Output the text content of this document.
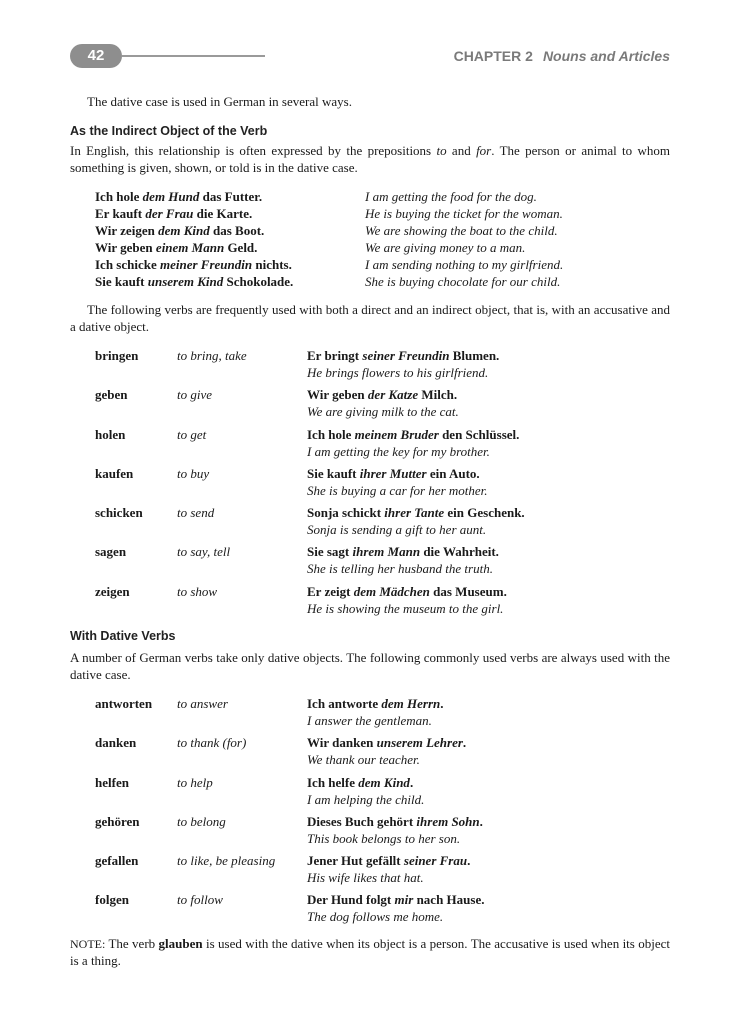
42	CHAPTER 2 Nouns and Articles
The dative case is used in German in several ways.
As the Indirect Object of the Verb
In English, this relationship is often expressed by the prepositions to and for. The person or animal to whom something is given, shown, or told is in the dative case.
Ich hole dem Hund das Futter.	I am getting the food for the dog.
Er kauft der Frau die Karte.	He is buying the ticket for the woman.
Wir zeigen dem Kind das Boot.	We are showing the boat to the child.
Wir geben einem Mann Geld.	We are giving money to a man.
Ich schicke meiner Freundin nichts.	I am sending nothing to my girlfriend.
Sie kauft unserem Kind Schokolade.	She is buying chocolate for our child.
The following verbs are frequently used with both a direct and an indirect object, that is, with an accusative and a dative object.
bringen	to bring, take	Er bringt seiner Freundin Blumen.
He brings flowers to his girlfriend.
geben	to give	Wir geben der Katze Milch.
We are giving milk to the cat.
holen	to get	Ich hole meinem Bruder den Schlüssel.
I am getting the key for my brother.
kaufen	to buy	Sie kauft ihrer Mutter ein Auto.
She is buying a car for her mother.
schicken	to send	Sonja schickt ihrer Tante ein Geschenk.
Sonja is sending a gift to her aunt.
sagen	to say, tell	Sie sagt ihrem Mann die Wahrheit.
She is telling her husband the truth.
zeigen	to show	Er zeigt dem Mädchen das Museum.
He is showing the museum to the girl.
With Dative Verbs
A number of German verbs take only dative objects. The following commonly used verbs are always used with the dative case.
antworten to answer	Ich antworte dem Herrn.
I answer the gentleman.
danken	to thank (for)	Wir danken unserem Lehrer.
We thank our teacher.
helfen	to help	Ich helfe dem Kind.
I am helping the child.
gehören	to belong	Dieses Buch gehört ihrem Sohn.
This book belongs to her son.
gefallen	to like, be pleasing Jener Hut gefällt seiner Frau.
His wife likes that hat.
folgen	to follow	Der Hund folgt mir nach Hause.
The dog follows me home.
NOTE: The verb glauben is used with the dative when its object is a person. The accusative is used when its object is a thing.
